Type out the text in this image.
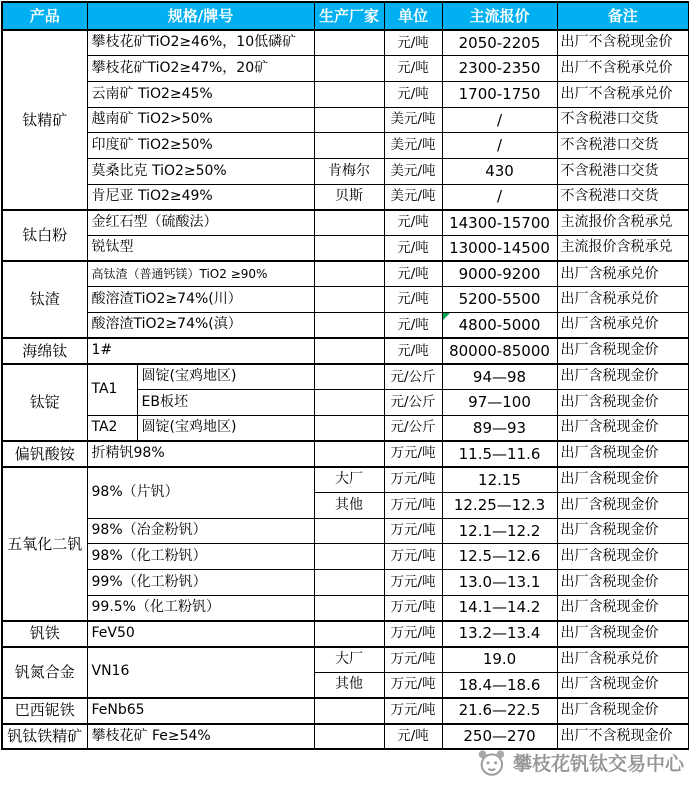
产品	规格/牌号		生产厂家	单位	主流报价	备注
钛精矿	攀枝花矿TiO2≥46%，10低磷矿			元/吨	2050-2205	出厂不含税现金价
	攀枝花矿TiO2≥47%，20矿			元/吨	2300-2350	出厂不含税承兑价
	云南矿 TiO2≥45%			元/吨	1700-1750	出厂不含税承兑价
	越南矿 TiO2>50%			美元/吨	/	不含税港口交货
	印度矿 TiO2≥50%			美元/吨	/	不含税港口交货
	莫桑比克 TiO2≥50%		肯梅尔	美元/吨	430	不含税港口交货
	肯尼亚 TiO2≥49%		贝斯	美元/吨	/	不含税港口交货
钛白粉	金红石型（硫酸法）			元/吨	14300-15700	主流报价含税承兑
	锐钛型			元/吨	13000-14500	主流报价含税承兑
钛渣	高钛渣（普通钙镁）TiO2 ≥90%			元/吨	9000-9200	出厂含税承兑价
	酸溶渣TiO2≥74%(川）			元/吨	5200-5500	出厂含税承兑价
	酸溶渣TiO2≥74%(滇）			元/吨	4800-5000	出厂含税承兑价
海绵钛	1#			元/吨	80000-85000	出厂含税现金价
钛锭	TA1	圆锭(宝鸡地区)		元/公斤	94—98	出厂含税现金价
		EB板坯		元/公斤	97—100	出厂含税现金价
	TA2	圆锭(宝鸡地区)		元/公斤	89—93	出厂含税现金价
偏钒酸铵	折精钒98%			万元/吨	11.5—11.6	出厂含税现金价
五氧化二钒	98%（片钒）		大厂	万元/吨	12.15	出厂含税现金价
			其他	万元/吨	12.25—12.3	出厂含税现金价
	98%（冶金粉钒）			万元/吨	12.1—12.2	出厂含税现金价
	98%（化工粉钒）			万元/吨	12.5—12.6	出厂含税现金价
	99%（化工粉钒）			万元/吨	13.0—13.1	出厂含税现金价
	99.5%（化工粉钒）			万元/吨	14.1—14.2	出厂含税现金价
钒铁	FeV50			万元/吨	13.2—13.4	出厂含税现金价
钒氮合金	VN16		大厂	万元/吨	19.0	出厂含税承兑价
			其他	万元/吨	18.4—18.6	出厂含税现金价
巴西铌铁	FeNb65			万元/吨	21.6—22.5	出厂含税现金价
钒钛铁精矿	攀枝花矿 Fe≥54%			元/吨	250—270	出厂不含税现金价
攀枝花钒钛交易中心
